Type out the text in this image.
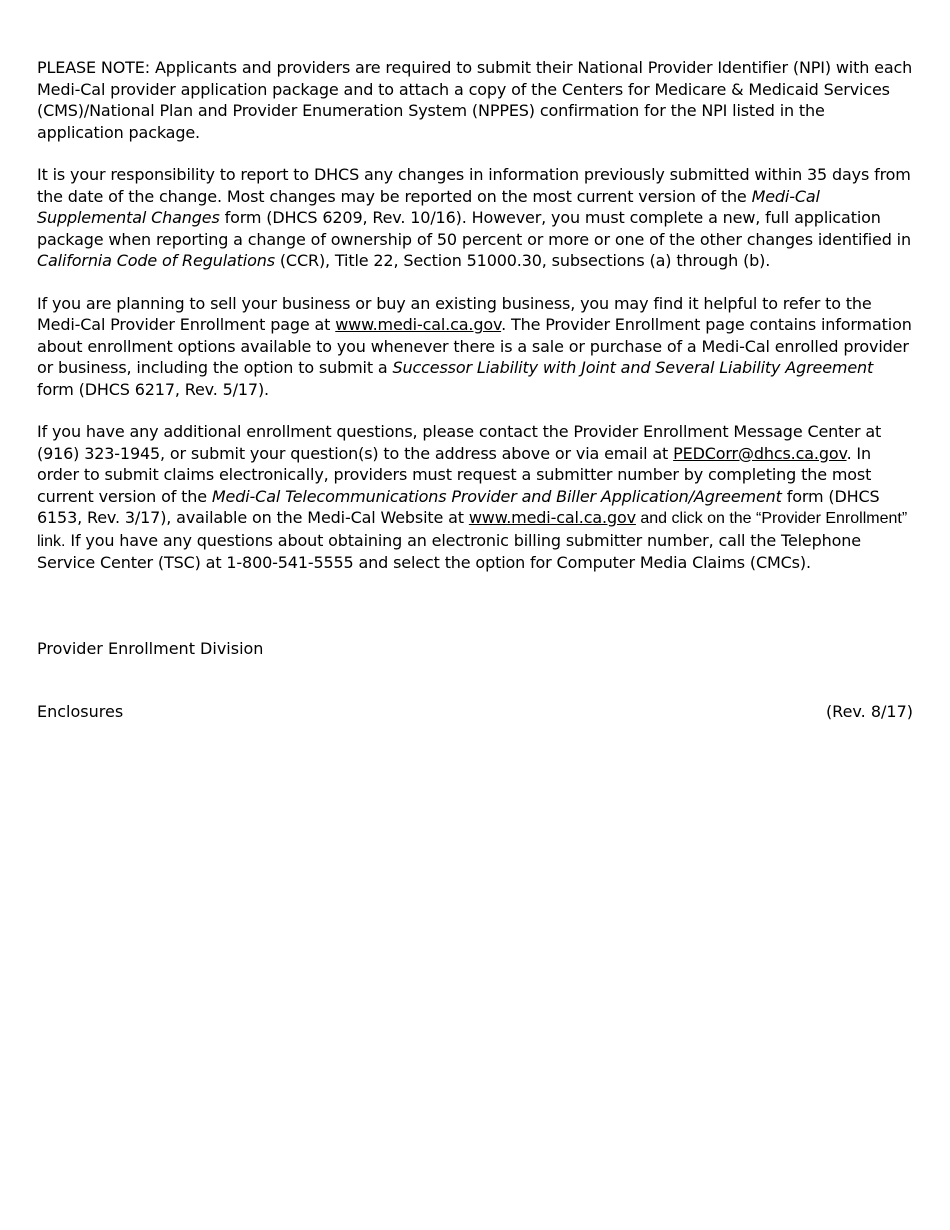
PLEASE NOTE: Applicants and providers are required to submit their National Provider Identifier (NPI) with each Medi-Cal provider application package and to attach a copy of the Centers for Medicare & Medicaid Services (CMS)/National Plan and Provider Enumeration System (NPPES) confirmation for the NPI listed in the application package.

It is your responsibility to report to DHCS any changes in information previously submitted within 35 days from the date of the change. Most changes may be reported on the most current version of the Medi-Cal Supplemental Changes form (DHCS 6209, Rev. 10/16). However, you must complete a new, full application package when reporting a change of ownership of 50 percent or more or one of the other changes identified in California Code of Regulations (CCR), Title 22, Section 51000.30, subsections (a) through (b).

If you are planning to sell your business or buy an existing business, you may find it helpful to refer to the Medi-Cal Provider Enrollment page at www.medi-cal.ca.gov. The Provider Enrollment page contains information about enrollment options available to you whenever there is a sale or purchase of a Medi-Cal enrolled provider or business, including the option to submit a Successor Liability with Joint and Several Liability Agreement form (DHCS 6217, Rev. 5/17).

If you have any additional enrollment questions, please contact the Provider Enrollment Message Center at (916) 323-1945, or submit your question(s) to the address above or via email at PEDCorr@dhcs.ca.gov. In order to submit claims electronically, providers must request a submitter number by completing the most current version of the Medi-Cal Telecommunications Provider and Biller Application/Agreement form (DHCS 6153, Rev. 3/17), available on the Medi-Cal Website at www.medi-cal.ca.gov and click on the “Provider Enrollment” link. If you have any questions about obtaining an electronic billing submitter number, call the Telephone Service Center (TSC) at 1-800-541-5555 and select the option for Computer Media Claims (CMCs).

Provider Enrollment Division

Enclosures	(Rev. 8/17)
